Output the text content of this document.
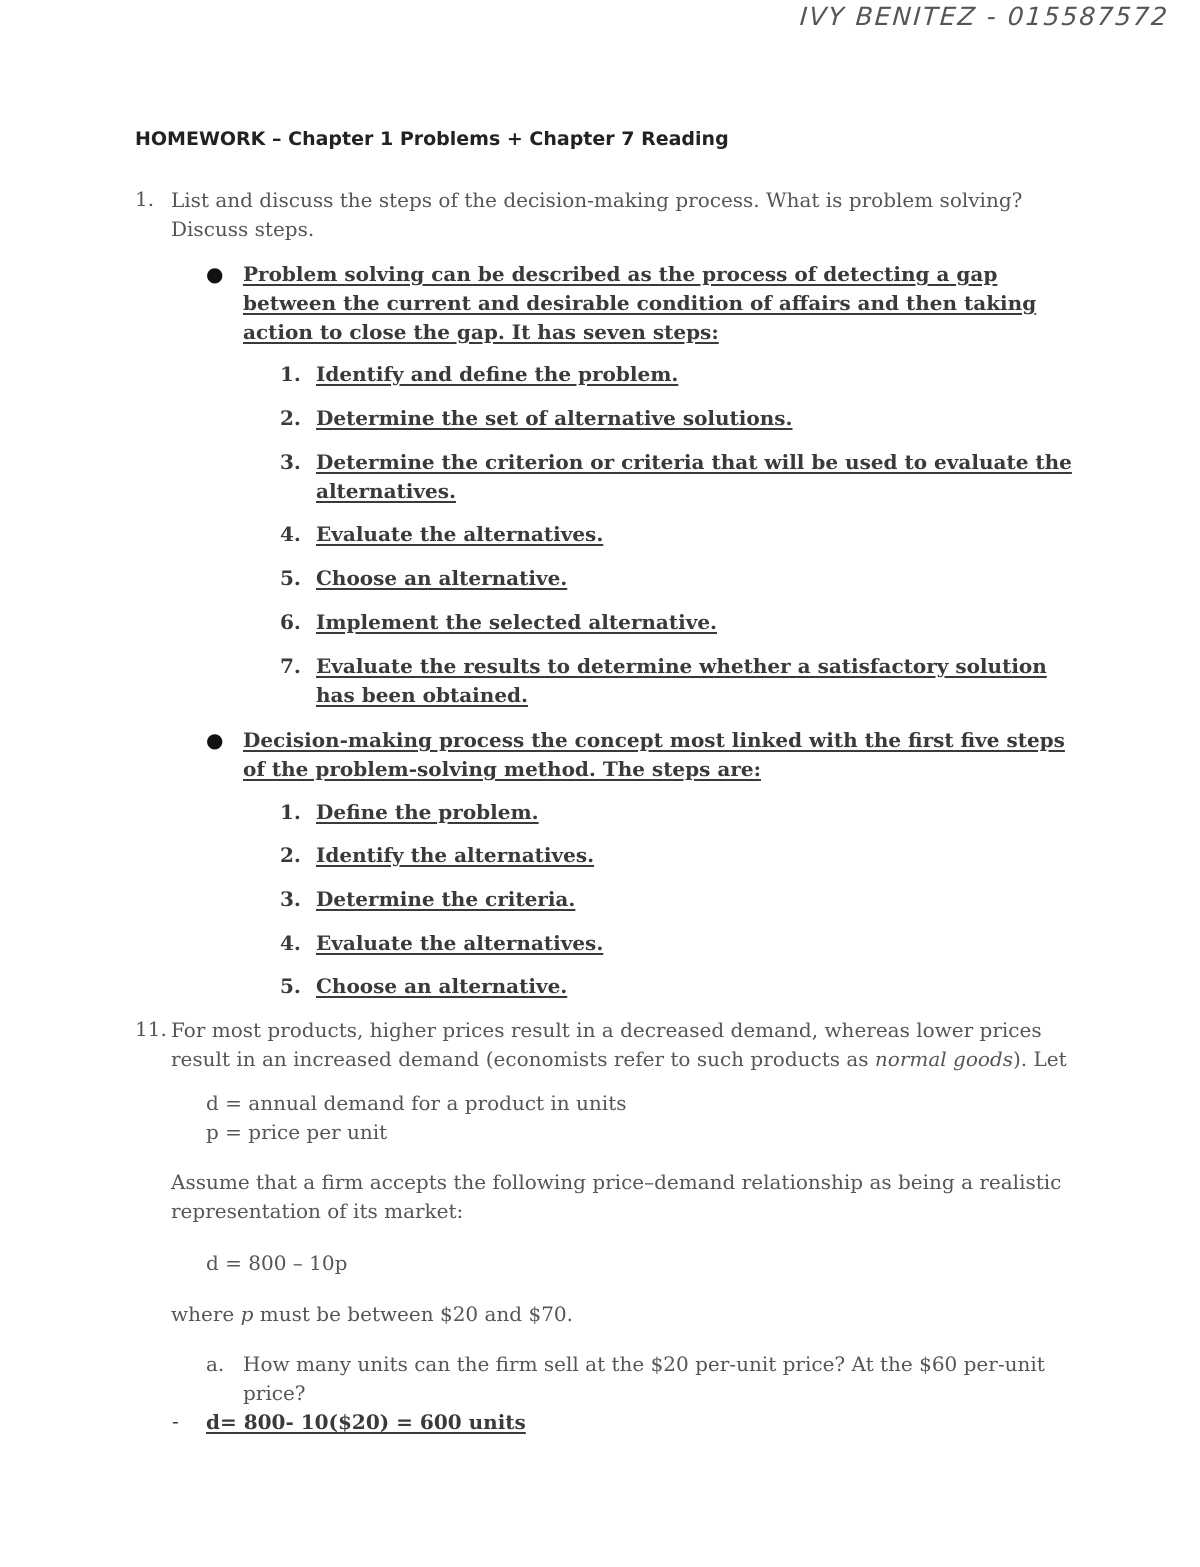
IVY BENITEZ - 015587572
HOMEWORK – Chapter 1 Problems + Chapter 7 Reading
1. List and discuss the steps of the decision-making process. What is problem solving? Discuss steps.
● Problem solving can be described as the process of detecting a gap between the current and desirable condition of affairs and then taking action to close the gap. It has seven steps:
1. Identify and define the problem.
2. Determine the set of alternative solutions.
3. Determine the criterion or criteria that will be used to evaluate the alternatives.
4. Evaluate the alternatives.
5. Choose an alternative.
6. Implement the selected alternative.
7. Evaluate the results to determine whether a satisfactory solution has been obtained.
● Decision-making process the concept most linked with the first five steps of the problem-solving method. The steps are:
1. Define the problem.
2. Identify the alternatives.
3. Determine the criteria.
4. Evaluate the alternatives.
5. Choose an alternative.
11. For most products, higher prices result in a decreased demand, whereas lower prices result in an increased demand (economists refer to such products as normal goods). Let
d = annual demand for a product in units
p = price per unit
Assume that a firm accepts the following price–demand relationship as being a realistic representation of its market:
d = 800 – 10p
where p must be between $20 and $70.
a. How many units can the firm sell at the $20 per-unit price? At the $60 per-unit price?
- d= 800- 10($20) = 600 units
